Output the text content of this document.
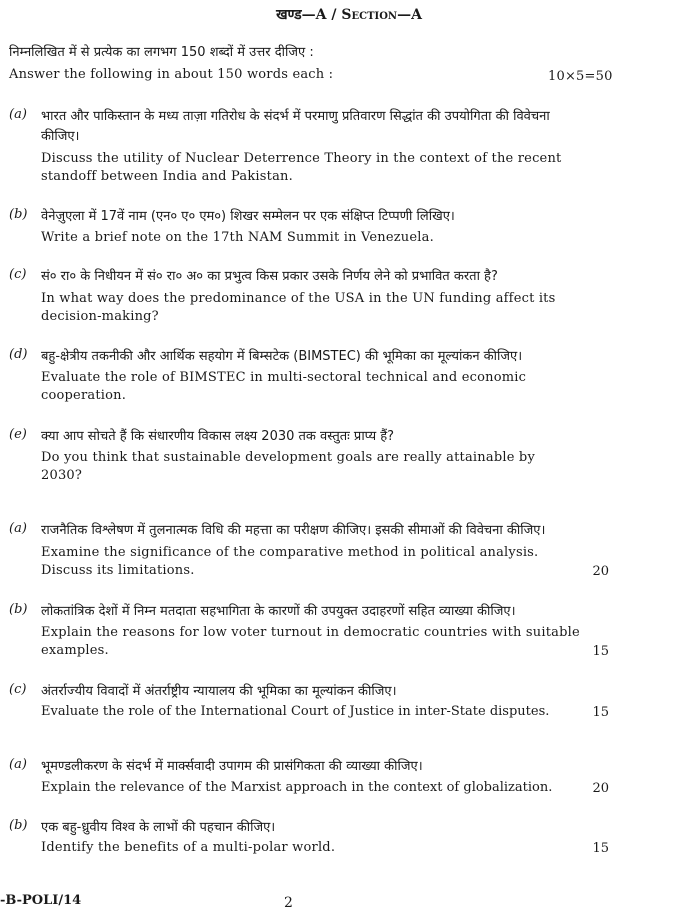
खण्ड—A / Section—A
निम्नलिखित में से प्रत्येक का लगभग 150 शब्दों में उत्तर दीजिए :
Answer the following in about 150 words each :	10×5=50
(a) भारत और पाकिस्तान के मध्य ताज़ा गतिरोध के संदर्भ में परमाणु प्रतिवारण सिद्धांत की उपयोगिता की विवेचना
कीजिए।
Discuss the utility of Nuclear Deterrence Theory in the context of the recent
standoff between India and Pakistan.
(b) वेनेज़ुएला में 17वें नाम (एन० ए० एम०) शिखर सम्मेलन पर एक संक्षिप्त टिप्पणी लिखिए।
Write a brief note on the 17th NAM Summit in Venezuela.
(c) सं० रा० के निधीयन में सं० रा० अ० का प्रभुत्व किस प्रकार उसके निर्णय लेने को प्रभावित करता है?
In what way does the predominance of the USA in the UN funding affect its
decision-making?
(d) बहु-क्षेत्रीय तकनीकी और आर्थिक सहयोग में बिम्सटेक (BIMSTEC) की भूमिका का मूल्यांकन कीजिए।
Evaluate the role of BIMSTEC in multi-sectoral technical and economic
cooperation.
(e) क्या आप सोचते हैं कि संधारणीय विकास लक्ष्य 2030 तक वस्तुतः प्राप्य हैं?
Do you think that sustainable development goals are really attainable by
2030?
(a) राजनैतिक विश्लेषण में तुलनात्मक विधि की महत्ता का परीक्षण कीजिए। इसकी सीमाओं की विवेचना कीजिए।
Examine the significance of the comparative method in political analysis.
Discuss its limitations.	20
(b) लोकतांत्रिक देशों में निम्न मतदाता सहभागिता के कारणों की उपयुक्त उदाहरणों सहित व्याख्या कीजिए।
Explain the reasons for low voter turnout in democratic countries with suitable
examples.	15
(c) अंतर्राज्यीय विवादों में अंतर्राष्ट्रीय न्यायालय की भूमिका का मूल्यांकन कीजिए।
Evaluate the role of the International Court of Justice in inter-State disputes.	15
(a) भूमण्डलीकरण के संदर्भ में मार्क्सवादी उपागम की प्रासंगिकता की व्याख्या कीजिए।
Explain the relevance of the Marxist approach in the context of globalization.	20
(b) एक बहु-ध्रुवीय विश्व के लाभों की पहचान कीजिए।
Identify the benefits of a multi-polar world.	15
-B-POLI/14	2
